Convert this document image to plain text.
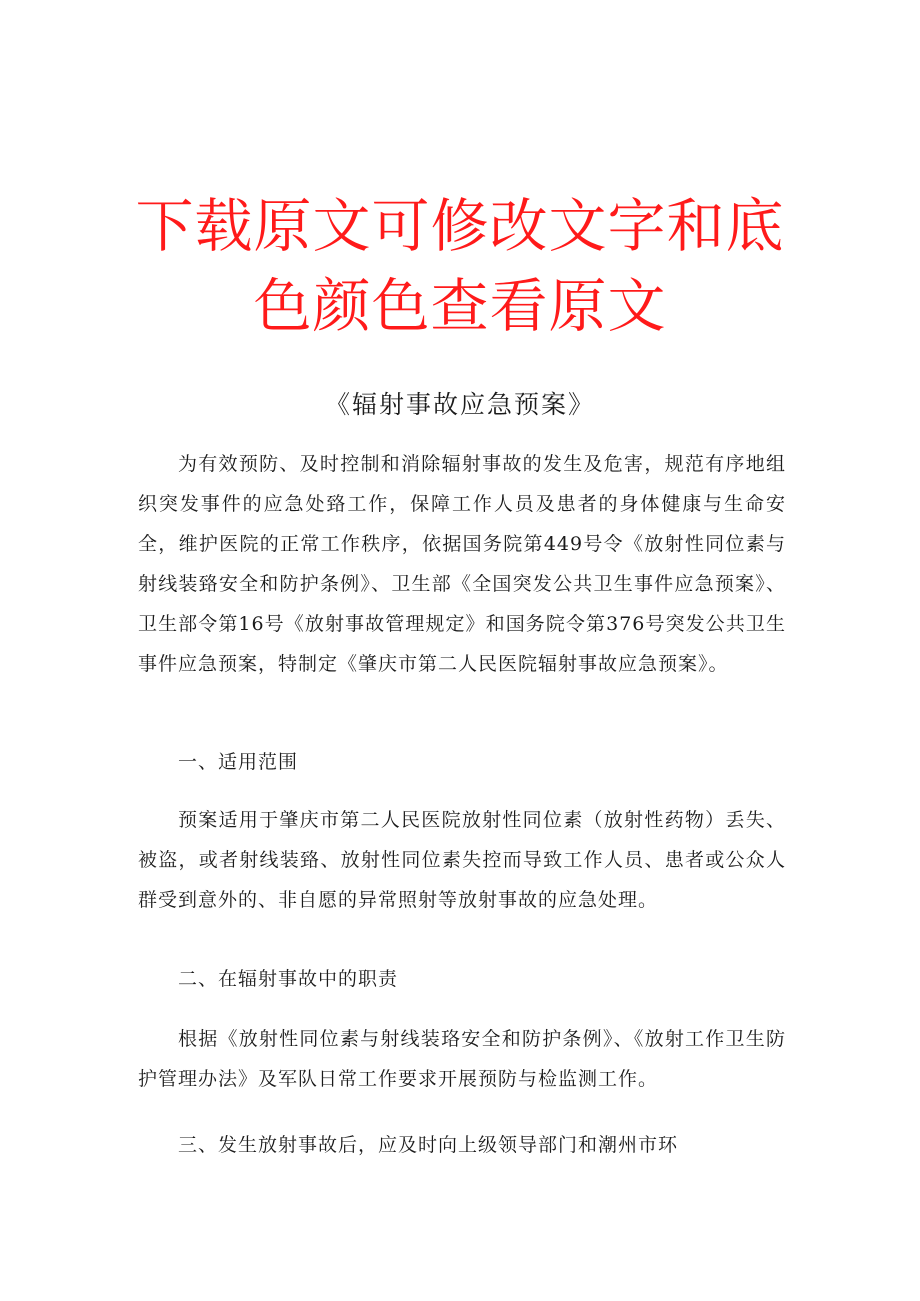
下载原文可修改文字和底
色颜色查看原文
《辐射事故应急预案》
为有效预防、及时控制和消除辐射事故的发生及危害，规范有序地组织突发事件的应急处臵工作，保障工作人员及患者的身体健康与生命安全，维护医院的正常工作秩序，依据国务院第449号令《放射性同位素与射线装臵安全和防护条例》、卫生部《全国突发公共卫生事件应急预案》、卫生部令第16号《放射事故管理规定》和国务院令第376号突发公共卫生事件应急预案，特制定《肇庆市第二人民医院辐射事故应急预案》。
一、适用范围
预案适用于肇庆市第二人民医院放射性同位素（放射性药物）丢失、被盗，或者射线装臵、放射性同位素失控而导致工作人员、患者或公众人群受到意外的、非自愿的异常照射等放射事故的应急处理。
二、在辐射事故中的职责
根据《放射性同位素与射线装珞安全和防护条例》、《放射工作卫生防护管理办法》及军队日常工作要求开展预防与检监测工作。
三、发生放射事故后，应及时向上级领导部门和潮州市环
